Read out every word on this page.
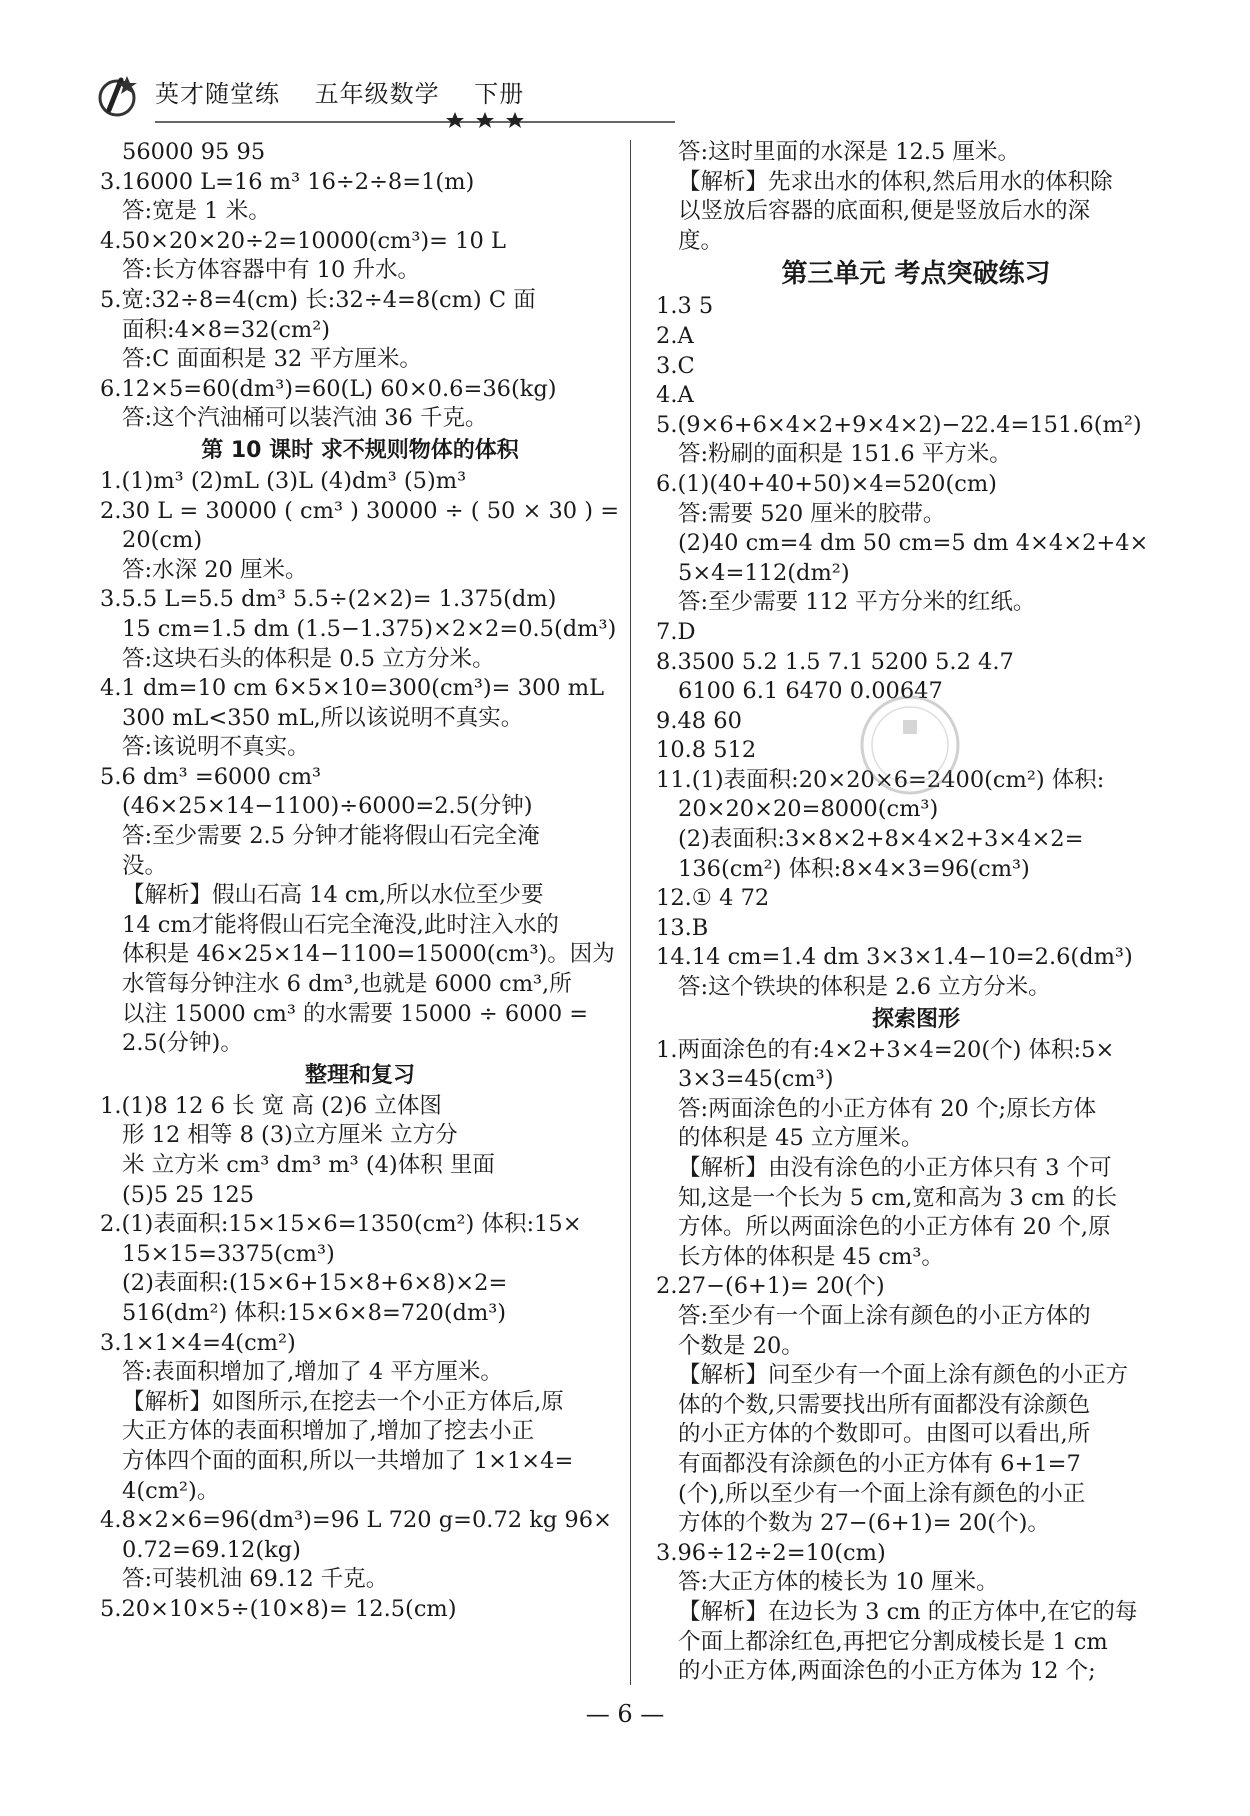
英才随堂练 五年级数学 下册
56000 95 95
3.16000 L=16 m³ 16÷2÷8=1(m)
答:宽是 1 米。
4.50×20×20÷2=10000(cm³)= 10 L
答:长方体容器中有 10 升水。
5.宽:32÷8=4(cm) 长:32÷4=8(cm) C 面
面积:4×8=32(cm²)
答:C 面面积是 32 平方厘米。
6.12×5=60(dm³)=60(L) 60×0.6=36(kg)
答:这个汽油桶可以装汽油 36 千克。
第 10 课时 求不规则物体的体积
1.(1)m³ (2)mL (3)L (4)dm³ (5)m³
2.30 L = 30000 ( cm³ ) 30000 ÷ ( 50 × 30 ) =
20(cm)
答:水深 20 厘米。
3.5.5 L=5.5 dm³ 5.5÷(2×2)= 1.375(dm)
15 cm=1.5 dm (1.5−1.375)×2×2=0.5(dm³)
答:这块石头的体积是 0.5 立方分米。
4.1 dm=10 cm 6×5×10=300(cm³)= 300 mL
300 mL<350 mL,所以该说明不真实。
答:该说明不真实。
5.6 dm³ =6000 cm³
(46×25×14−1100)÷6000=2.5(分钟)
答:至少需要 2.5 分钟才能将假山石完全淹
没。
【解析】假山石高 14 cm,所以水位至少要
14 cm才能将假山石完全淹没,此时注入水的
体积是 46×25×14−1100=15000(cm³)。因为
水管每分钟注水 6 dm³,也就是 6000 cm³,所
以注 15000 cm³ 的水需要 15000 ÷ 6000 =
2.5(分钟)。
整理和复习
1.(1)8 12 6 长 宽 高 (2)6 立体图
形 12 相等 8 (3)立方厘米 立方分
米 立方米 cm³ dm³ m³ (4)体积 里面
(5)5 25 125
2.(1)表面积:15×15×6=1350(cm²) 体积:15×
15×15=3375(cm³)
(2)表面积:(15×6+15×8+6×8)×2=
516(dm²) 体积:15×6×8=720(dm³)
3.1×1×4=4(cm²)
答:表面积增加了,增加了 4 平方厘米。
【解析】如图所示,在挖去一个小正方体后,原
大正方体的表面积增加了,增加了挖去小正
方体四个面的面积,所以一共增加了 1×1×4=
4(cm²)。
4.8×2×6=96(dm³)=96 L 720 g=0.72 kg 96×
0.72=69.12(kg)
答:可装机油 69.12 千克。
5.20×10×5÷(10×8)= 12.5(cm)
答:这时里面的水深是 12.5 厘米。
【解析】先求出水的体积,然后用水的体积除
以竖放后容器的底面积,便是竖放后水的深
度。
第三单元 考点突破练习
1.3 5
2.A
3.C
4.A
5.(9×6+6×4×2+9×4×2)−22.4=151.6(m²)
答:粉刷的面积是 151.6 平方米。
6.(1)(40+40+50)×4=520(cm)
答:需要 520 厘米的胶带。
(2)40 cm=4 dm 50 cm=5 dm 4×4×2+4×
5×4=112(dm²)
答:至少需要 112 平方分米的红纸。
7.D
8.3500 5.2 1.5 7.1 5200 5.2 4.7
6100 6.1 6470 0.00647
9.48 60
10.8 512
11.(1)表面积:20×20×6=2400(cm²) 体积:
20×20×20=8000(cm³)
(2)表面积:3×8×2+8×4×2+3×4×2=
136(cm²) 体积:8×4×3=96(cm³)
12.① 4 72
13.B
14.14 cm=1.4 dm 3×3×1.4−10=2.6(dm³)
答:这个铁块的体积是 2.6 立方分米。
探索图形
1.两面涂色的有:4×2+3×4=20(个) 体积:5×
3×3=45(cm³)
答:两面涂色的小正方体有 20 个;原长方体
的体积是 45 立方厘米。
【解析】由没有涂色的小正方体只有 3 个可
知,这是一个长为 5 cm,宽和高为 3 cm 的长
方体。所以两面涂色的小正方体有 20 个,原
长方体的体积是 45 cm³。
2.27−(6+1)= 20(个)
答:至少有一个面上涂有颜色的小正方体的
个数是 20。
【解析】问至少有一个面上涂有颜色的小正方
体的个数,只需要找出所有面都没有涂颜色
的小正方体的个数即可。由图可以看出,所
有面都没有涂颜色的小正方体有 6+1=7
(个),所以至少有一个面上涂有颜色的小正
方体的个数为 27−(6+1)= 20(个)。
3.96÷12÷2=10(cm)
答:大正方体的棱长为 10 厘米。
【解析】在边长为 3 cm 的正方体中,在它的每
个面上都涂红色,再把它分割成棱长是 1 cm
的小正方体,两面涂色的小正方体为 12 个;
— 6 —
